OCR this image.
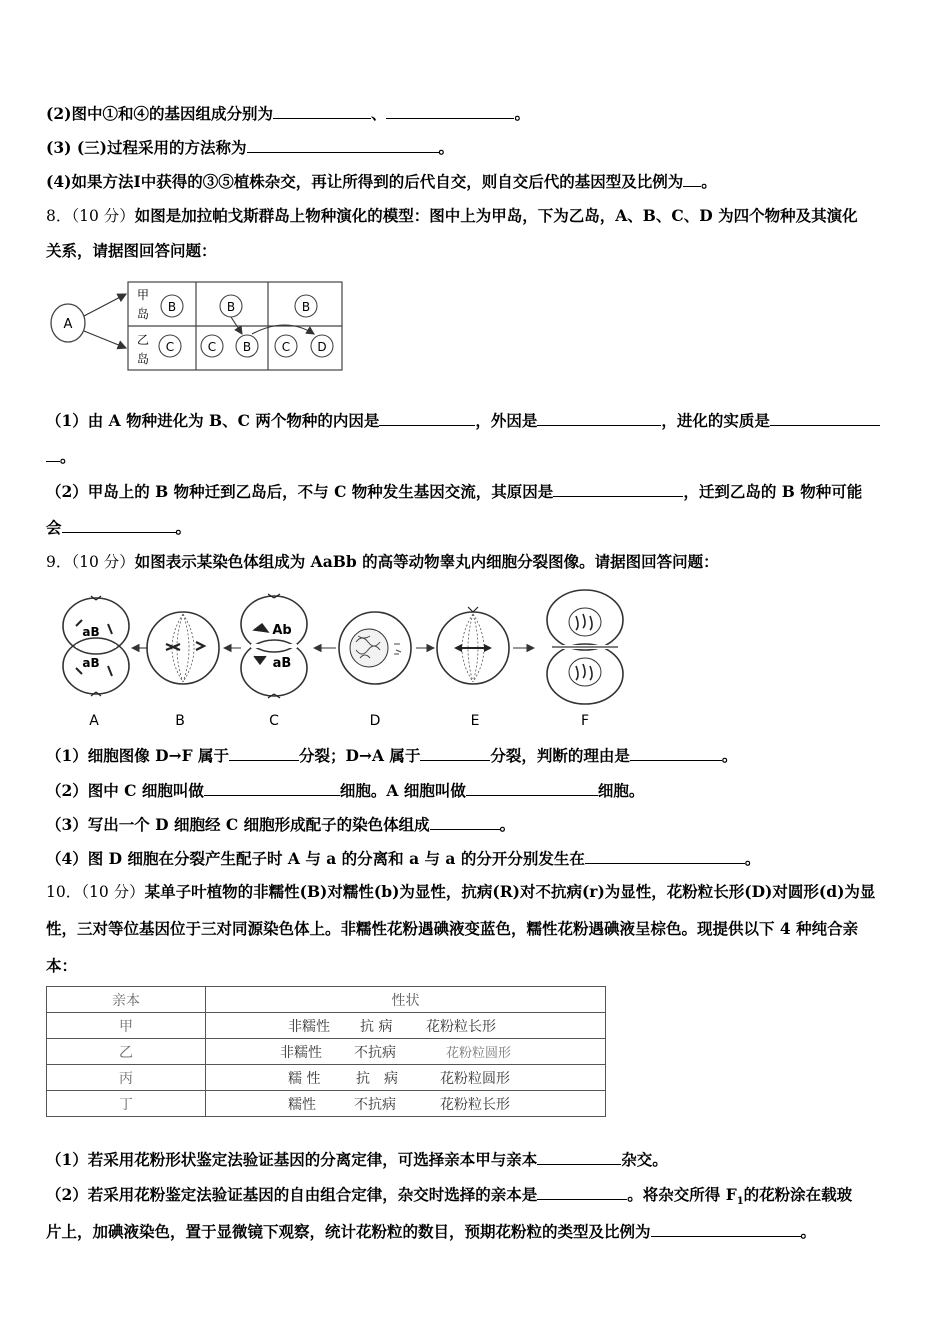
(2)图中①和④的基因组成分别为	、	。
(3) (三)过程采用的方法称为	。
(4)如果方法Ⅰ中获得的③⑤植株杂交，再让所得到的后代自交，则自交后代的基因型及比例为 。
8．（10 分）如图是加拉帕戈斯群岛上物种演化的模型：图中上为甲岛，下为乙岛，A、B、C、D 为四个物种及其演化
关系，请据图回答问题：
A
甲
岛
乙
岛
B	B	B
C	C B	C D
（1）由 A 物种进化为 B、C 两个物种的内因是	，外因是	，进化的实质是
。
（2）甲岛上的 B 物种迁到乙岛后，不与 C 物种发生基因交流，其原因是	，迁到乙岛的 B 物种可能
会	。
9．（10 分）如图表示某染色体组成为 AaBb 的高等动物睾丸内细胞分裂图像。请据图回答问题：
aB
aB
Ab
aB
A	B	C	D	E	F
（1）细胞图像 D→F 属于	分裂；D→A 属于	分裂，判断的理由是	。
（2）图中 C 细胞叫做	细胞。A 细胞叫做	细胞。
（3）写出一个 D 细胞经 C 细胞形成配子的染色体组成	。
（4）图 D 细胞在分裂产生配子时 A 与 a 的分离和 a 与 a 的分开分别发生在	。
10．（10 分）某单子叶植物的非糯性(B)对糯性(b)为显性，抗病(R)对不抗病(r)为显性，花粉粒长形(D)对圆形(d)为显
性，三对等位基因位于三对同源染色体上。非糯性花粉遇碘液变蓝色，糯性花粉遇碘液呈棕色。现提供以下 4 种纯合亲
本：
亲本	性状
甲	非糯性 抗 病 花粉粒长形
乙	非糯性 不抗病 花粉粒圆形
丙	糯 性 抗　病 花粉粒圆形
丁	糯性 不抗病 花粉粒长形
（1）若采用花粉形状鉴定法验证基因的分离定律，可选择亲本甲与亲本	杂交。
（2）若采用花粉鉴定法验证基因的自由组合定律，杂交时选择的亲本是	。将杂交所得 $F_1$的花粉涂在载玻
片上，加碘液染色，置于显微镜下观察，统计花粉粒的数目，预期花粉粒的类型及比例为	。
